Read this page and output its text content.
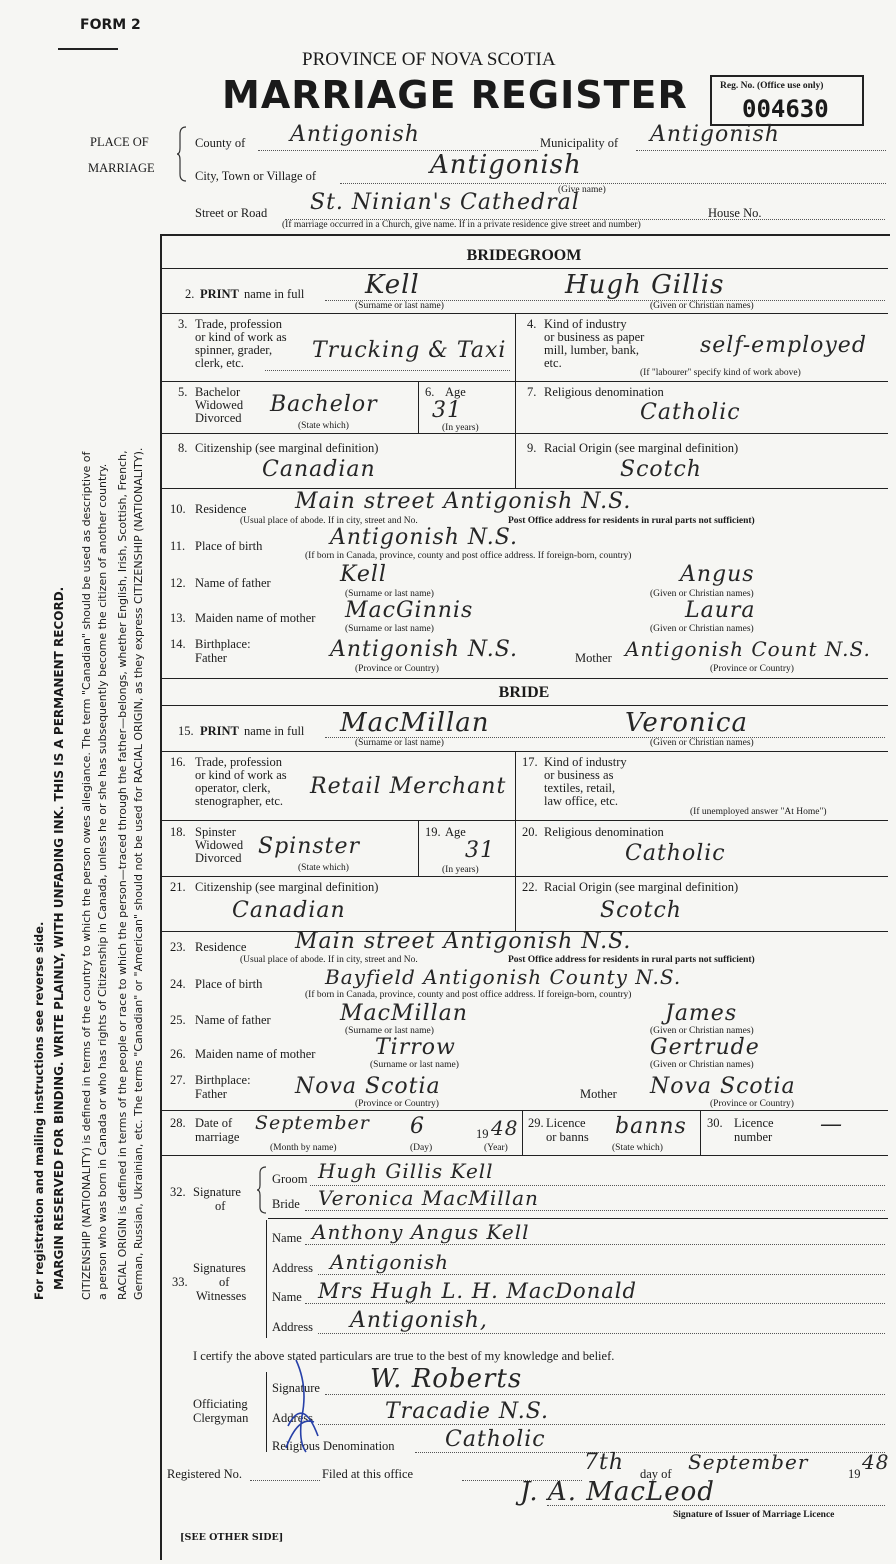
FORM 2
PROVINCE OF NOVA SCOTIA
MARRIAGE REGISTER	Reg. No. (Office use only)
004630
For registration and mailing instructions see reverse side. MARGIN RESERVED FOR BINDING. WRITE PLAINLY, WITH UNFADING INK. THIS IS A PERMANENT RECORD. CITIZENSHIP (NATIONALITY) is defined in terms of the country to which the person owes allegiance. The term "Canadian" should be used as descriptive of a person who was born in Canada or who has rights of Citizenship in Canada, unless he or she has subsequently become the citizen of another country. RACIAL ORIGIN is defined in terms of the people or race to which the person—traced through the father—belongs, whether English, Irish, Scottish, French, German, Russian, Ukrainian, etc. The terms "Canadian" or "American" should not be used for RACIAL ORIGIN, as they express CITIZENSHIP (NATIONALITY).
PLACE OF
MARRIAGE
County of Antigonish	Municipality of Antigonish
City, Town or Village of	Antigonish
(Give name)
Street or Road St. Ninian's Cathedral	House No.
(If marriage occurred in a Church, give name. If in a private residence give street and number)
BRIDEGROOM
2. PRINT name in full Kell	Hugh Gillis
(Surname or last name)	(Given or Christian names)
3. Trade, profession
or kind of work as
spinner, grader,
clerk, etc.	Trucking & Taxi
4. Kind of industry
or business as paper
mill, lumber, bank,
etc.
self-employed
(If "labourer" specify kind of work above)
5. Bachelor
Widowed
Divorced
Bachelor
(State which)
6. Age
31
(In years)
7. Religious denomination
Catholic
8. Citizenship (see marginal definition)
Canadian
9. Racial Origin (see marginal definition)
Scotch
10. Residence Main street Antigonish N.S.
(Usual place of abode. If in city, street and No.	Post Office address for residents in rural parts not sufficient)
11. Place of birth	Antigonish N.S.
(If born in Canada, province, county and post office address. If foreign-born, country)
12. Name of father	Kell	Angus
(Surname or last name)	(Given or Christian names)
13. Maiden name of mother MacGinnis	Laura
(Surname or last name)	(Given or Christian names)
14. Birthplace:
Father	Antigonish N.S.	Mother Antigonish Count N.S.
(Province or Country)	(Province or Country)
BRIDE
15. PRINT name in full MacMillan	Veronica
(Surname or last name)	(Given or Christian names)
16. Trade, profession
or kind of work as
operator, clerk,
stenographer, etc.
Retail Merchant
17. Kind of industry
or business as
textiles, retail,
law office, etc.
(If unemployed answer "At Home")
18. Spinster
Widowed
Divorced Spinster
(State which)
19. Age
31
(In years)
20. Religious denomination
Catholic
21. Citizenship (see marginal definition)
Canadian
22. Racial Origin (see marginal definition)
Scotch
23. Residence Main street Antigonish N.S.
(Usual place of abode. If in city, street and No.	Post Office address for residents in rural parts not sufficient)
24. Place of birth	Bayfield Antigonish County N.S.
(If born in Canada, province, county and post office address. If foreign-born, country)
25. Name of father	MacMillan	James
(Surname or last name)	(Given or Christian names)
26. Maiden name of mother	Tirrow	Gertrude
(Surname or last name)	(Given or Christian names)
27. Birthplace:
Father	Nova Scotia	Mother Nova Scotia
(Province or Country)	(Province or Country)
28. Date of
marriage
September 6	19 48
(Month by name)	(Day)	(Year)
29. Licence
or banns banns
(State which)
30. Licence
number —
32. Signature
of
Groom Hugh Gillis Kell
Bride Veronica MacMillan
Signatures
33.	of
Witnesses
Name Anthony Angus Kell
Address Antigonish
Name Mrs Hugh L. H. MacDonald
Address Antigonish,
I certify the above stated particulars are true to the best of my knowledge and belief.
Officiating
Clergyman
Signature W. Roberts
Address	Tracadie N.S.
Religious Denomination Catholic
Registered No.	Filed at this office	7th day of September	19 48
J. A. MacLeod
Signature of Issuer of Marriage Licence
[SEE OTHER SIDE]
